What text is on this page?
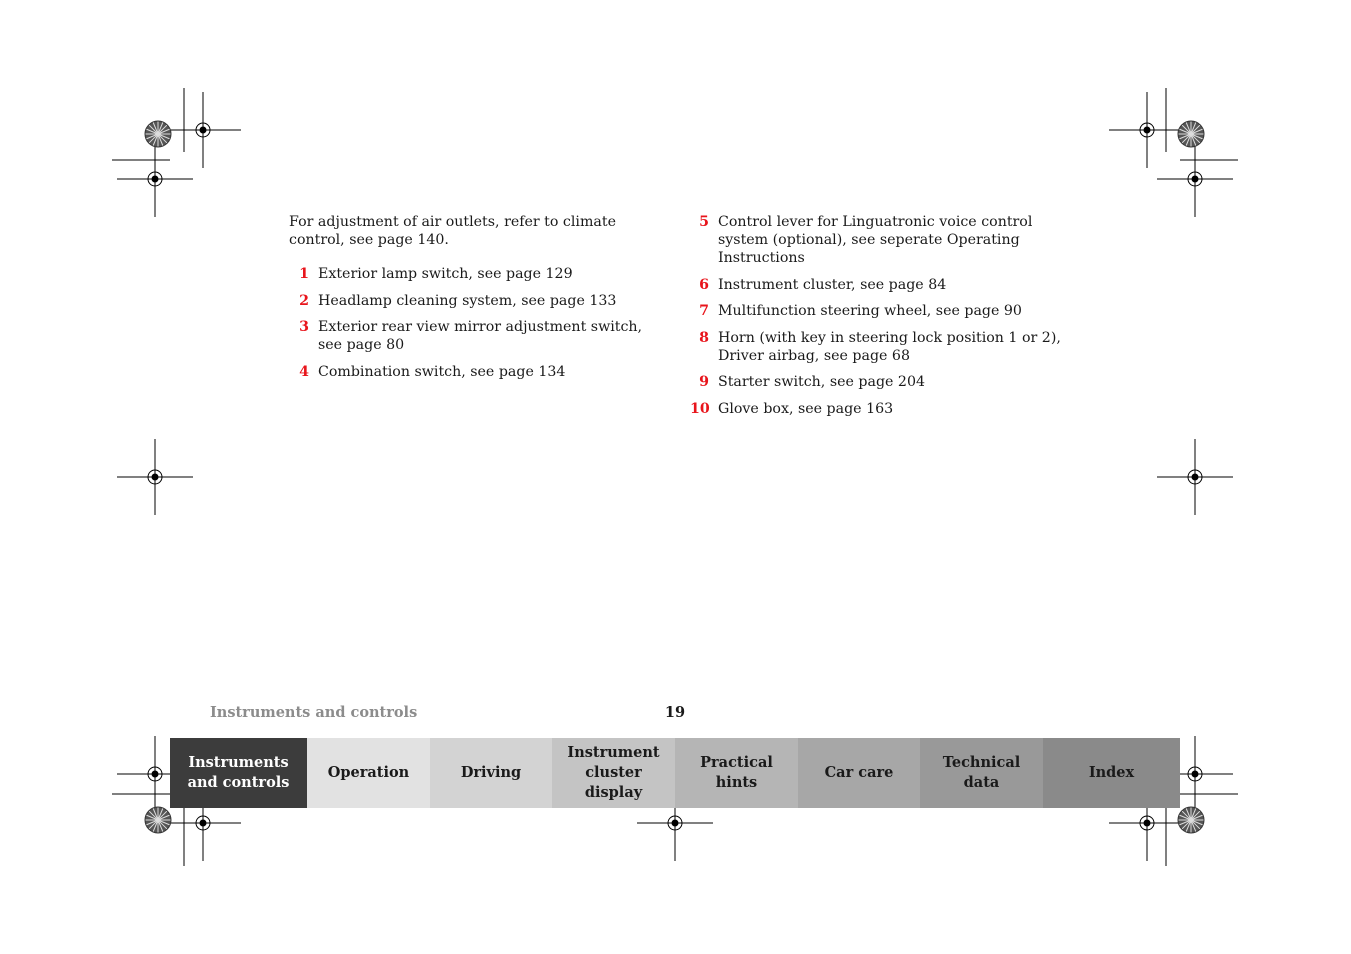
For adjustment of air outlets, refer to climate control, see page 140.

1 Exterior lamp switch, see page 129
2 Headlamp cleaning system, see page 133
3 Exterior rear view mirror adjustment switch, see page 80
4 Combination switch, see page 134
5 Control lever for Linguatronic voice control system (optional), see seperate Operating Instructions
6 Instrument cluster, see page 84
7 Multifunction steering wheel, see page 90
8 Horn (with key in steering lock position 1 or 2), Driver airbag, see page 68
9 Starter switch, see page 204
10 Glove box, see page 163
Instruments and controls	19
Instruments
and controls
Operation	Driving
Instrument
cluster display
Practical hints
Car care
Technical
data
Index
